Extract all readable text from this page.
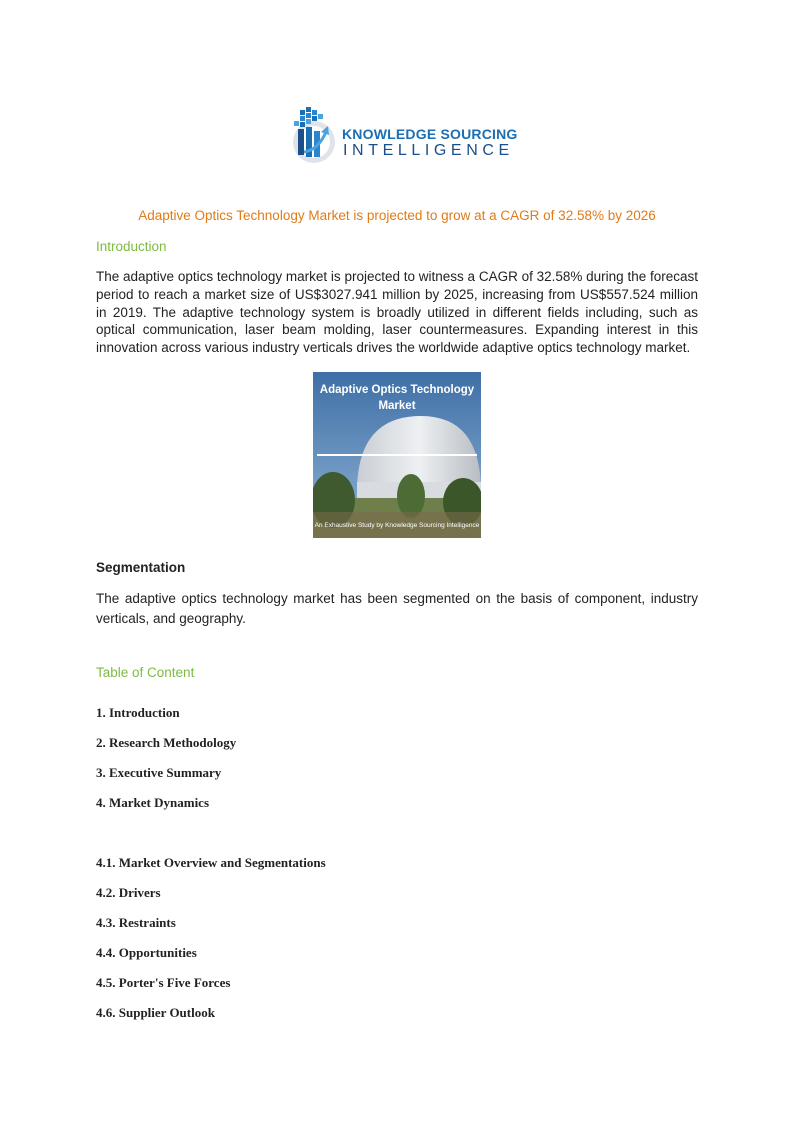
KNOWLEDGE SOURCING
INTELLIGENCE
Adaptive Optics Technology Market is projected to grow at a CAGR of 32.58% by 2026
Introduction

The adaptive optics technology market is projected to witness a CAGR of 32.58% during the forecast period to reach a market size of US$3027.941 million by 2025, increasing from US$557.524 million in 2019. The adaptive technology system is broadly utilized in different fields including, such as optical communication, laser beam molding, laser countermeasures. Expanding interest in this innovation across various industry verticals drives the worldwide adaptive optics technology market.

Adaptive Optics Technology Market
An Exhaustive Study by Knowledge Sourcing Intelligence
Segmentation

The adaptive optics technology market has been segmented on the basis of component, industry verticals, and geography.

Table of Content
1. Introduction
2. Research Methodology
3. Executive Summary
4. Market Dynamics
4.1. Market Overview and Segmentations
4.2. Drivers
4.3. Restraints
4.4. Opportunities
4.5. Porter's Five Forces
4.6. Supplier Outlook
